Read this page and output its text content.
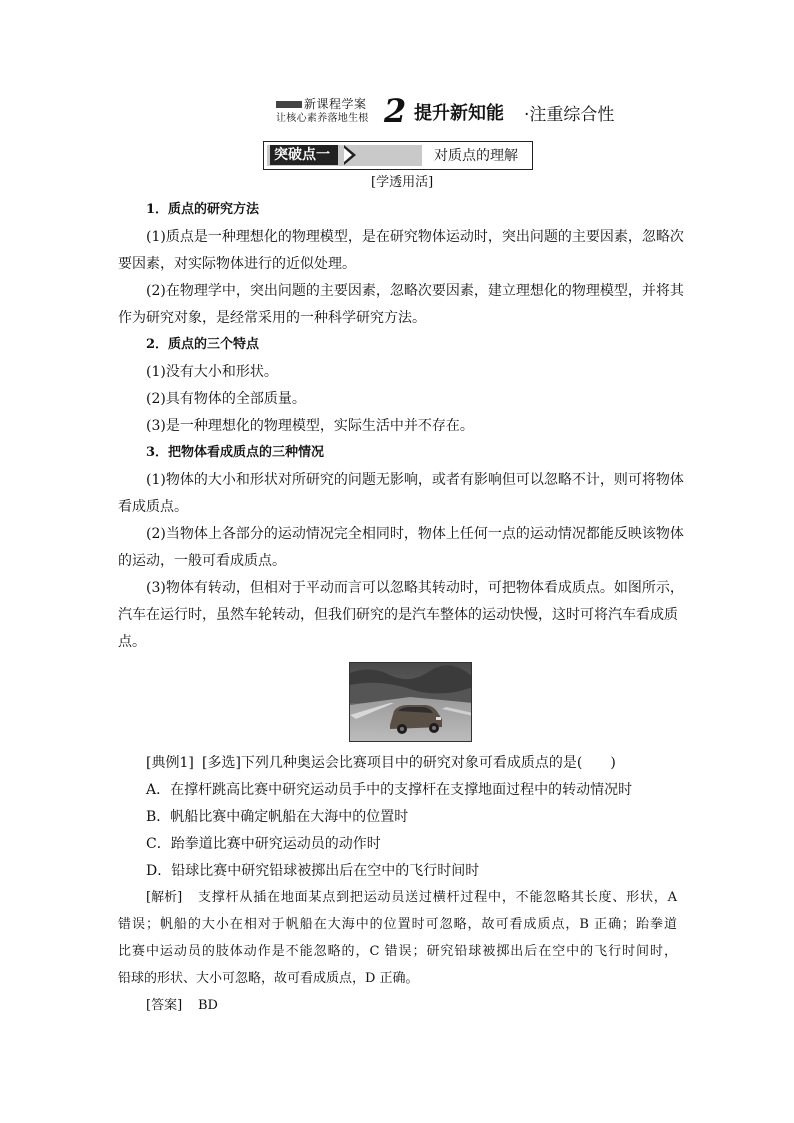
新课程学案
让核心素养落地生根 2 提升新知能 ·注重综合性
突破点一	对质点的理解
[学透用活]
1．质点的研究方法
(1)质点是一种理想化的物理模型，是在研究物体运动时，突出问题的主要因素，忽略次
要因素，对实际物体进行的近似处理。
(2)在物理学中，突出问题的主要因素，忽略次要因素，建立理想化的物理模型，并将其
作为研究对象，是经常采用的一种科学研究方法。
2．质点的三个特点
(1)没有大小和形状。
(2)具有物体的全部质量。
(3)是一种理想化的物理模型，实际生活中并不存在。
3．把物体看成质点的三种情况
(1)物体的大小和形状对所研究的问题无影响，或者有影响但可以忽略不计，则可将物体
看成质点。
(2)当物体上各部分的运动情况完全相同时，物体上任何一点的运动情况都能反映该物体
的运动，一般可看成质点。
(3)物体有转动，但相对于平动而言可以忽略其转动时，可把物体看成质点。如图所示，
汽车在运行时，虽然车轮转动，但我们研究的是汽车整体的运动快慢，这时可将汽车看成质
点。
[典例1] [多选]下列几种奥运会比赛项目中的研究对象可看成质点的是(　　)
A．在撑杆跳高比赛中研究运动员手中的支撑杆在支撑地面过程中的转动情况时
B．帆船比赛中确定帆船在大海中的位置时
C．跆拳道比赛中研究运动员的动作时
D．铅球比赛中研究铅球被掷出后在空中的飞行时间时
[解析] 支撑杆从插在地面某点到把运动员送过横杆过程中，不能忽略其长度、形状，A
错误；帆船的大小在相对于帆船在大海中的位置时可忽略，故可看成质点，B 正确；跆拳道
比赛中运动员的肢体动作是不能忽略的，C 错误；研究铅球被掷出后在空中的飞行时间时，
铅球的形状、大小可忽略，故可看成质点，D 正确。
[答案] BD
